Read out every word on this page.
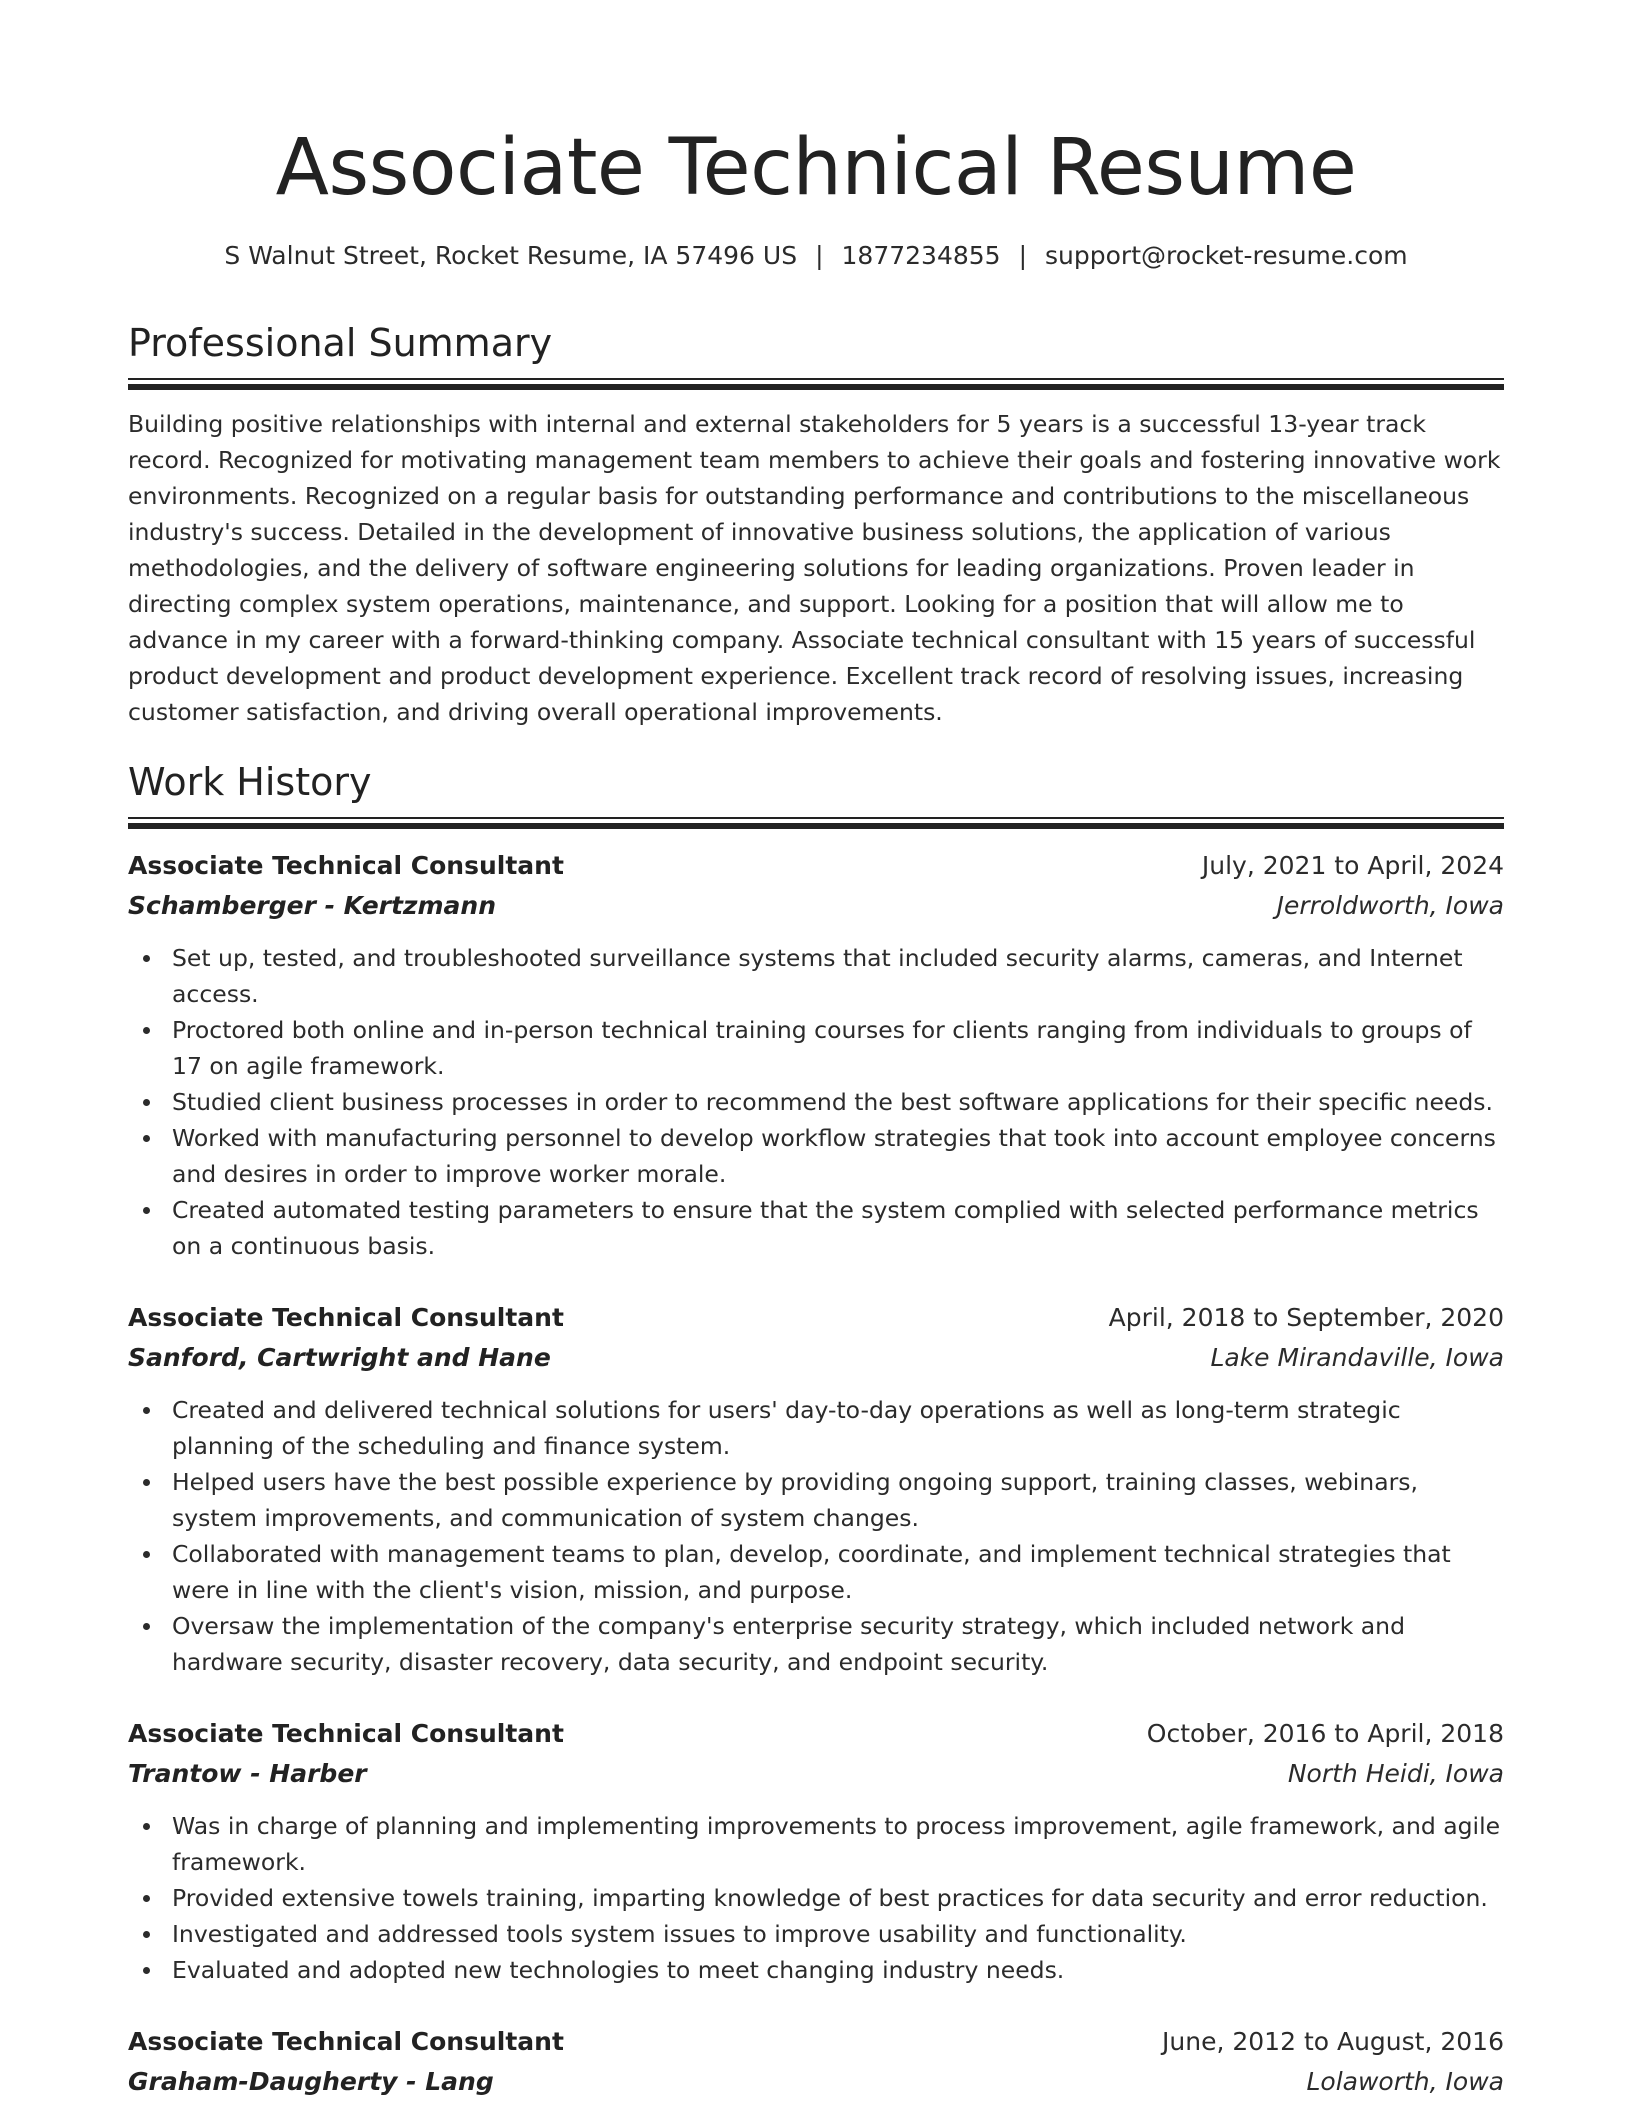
Associate Technical Resume
S Walnut Street, Rocket Resume, IA 57496 US | 1877234855 | support@rocket-resume.com
Professional Summary

Building positive relationships with internal and external stakeholders for 5 years is a successful 13-year track record. Recognized for motivating management team members to achieve their goals and fostering innovative work environments. Recognized on a regular basis for outstanding performance and contributions to the miscellaneous industry's success. Detailed in the development of innovative business solutions, the application of various methodologies, and the delivery of software engineering solutions for leading organizations. Proven leader in directing complex system operations, maintenance, and support. Looking for a position that will allow me to advance in my career with a forward-thinking company. Associate technical consultant with 15 years of successful product development and product development experience. Excellent track record of resolving issues, increasing customer satisfaction, and driving overall operational improvements.

Work History
Associate Technical Consultant	July, 2021 to April, 2024
Schamberger - Kertzmann	Jerroldworth, Iowa
Set up, tested, and troubleshooted surveillance systems that included security alarms, cameras, and Internet access.
Proctored both online and in-person technical training courses for clients ranging from individuals to groups of 17 on agile framework.
Studied client business processes in order to recommend the best software applications for their specific needs.
Worked with manufacturing personnel to develop workflow strategies that took into account employee concerns and desires in order to improve worker morale.
Created automated testing parameters to ensure that the system complied with selected performance metrics on a continuous basis.
Associate Technical Consultant	April, 2018 to September, 2020
Sanford, Cartwright and Hane	Lake Mirandaville, Iowa
Created and delivered technical solutions for users' day-to-day operations as well as long-term strategic planning of the scheduling and finance system.
Helped users have the best possible experience by providing ongoing support, training classes, webinars, system improvements, and communication of system changes.
Collaborated with management teams to plan, develop, coordinate, and implement technical strategies that were in line with the client's vision, mission, and purpose.
Oversaw the implementation of the company's enterprise security strategy, which included network and hardware security, disaster recovery, data security, and endpoint security.
Associate Technical Consultant	October, 2016 to April, 2018
Trantow - Harber	North Heidi, Iowa
Was in charge of planning and implementing improvements to process improvement, agile framework, and agile framework.
Provided extensive towels training, imparting knowledge of best practices for data security and error reduction.
Investigated and addressed tools system issues to improve usability and functionality.
Evaluated and adopted new technologies to meet changing industry needs.
Associate Technical Consultant	June, 2012 to August, 2016
Graham-Daugherty - Lang	Lolaworth, Iowa
